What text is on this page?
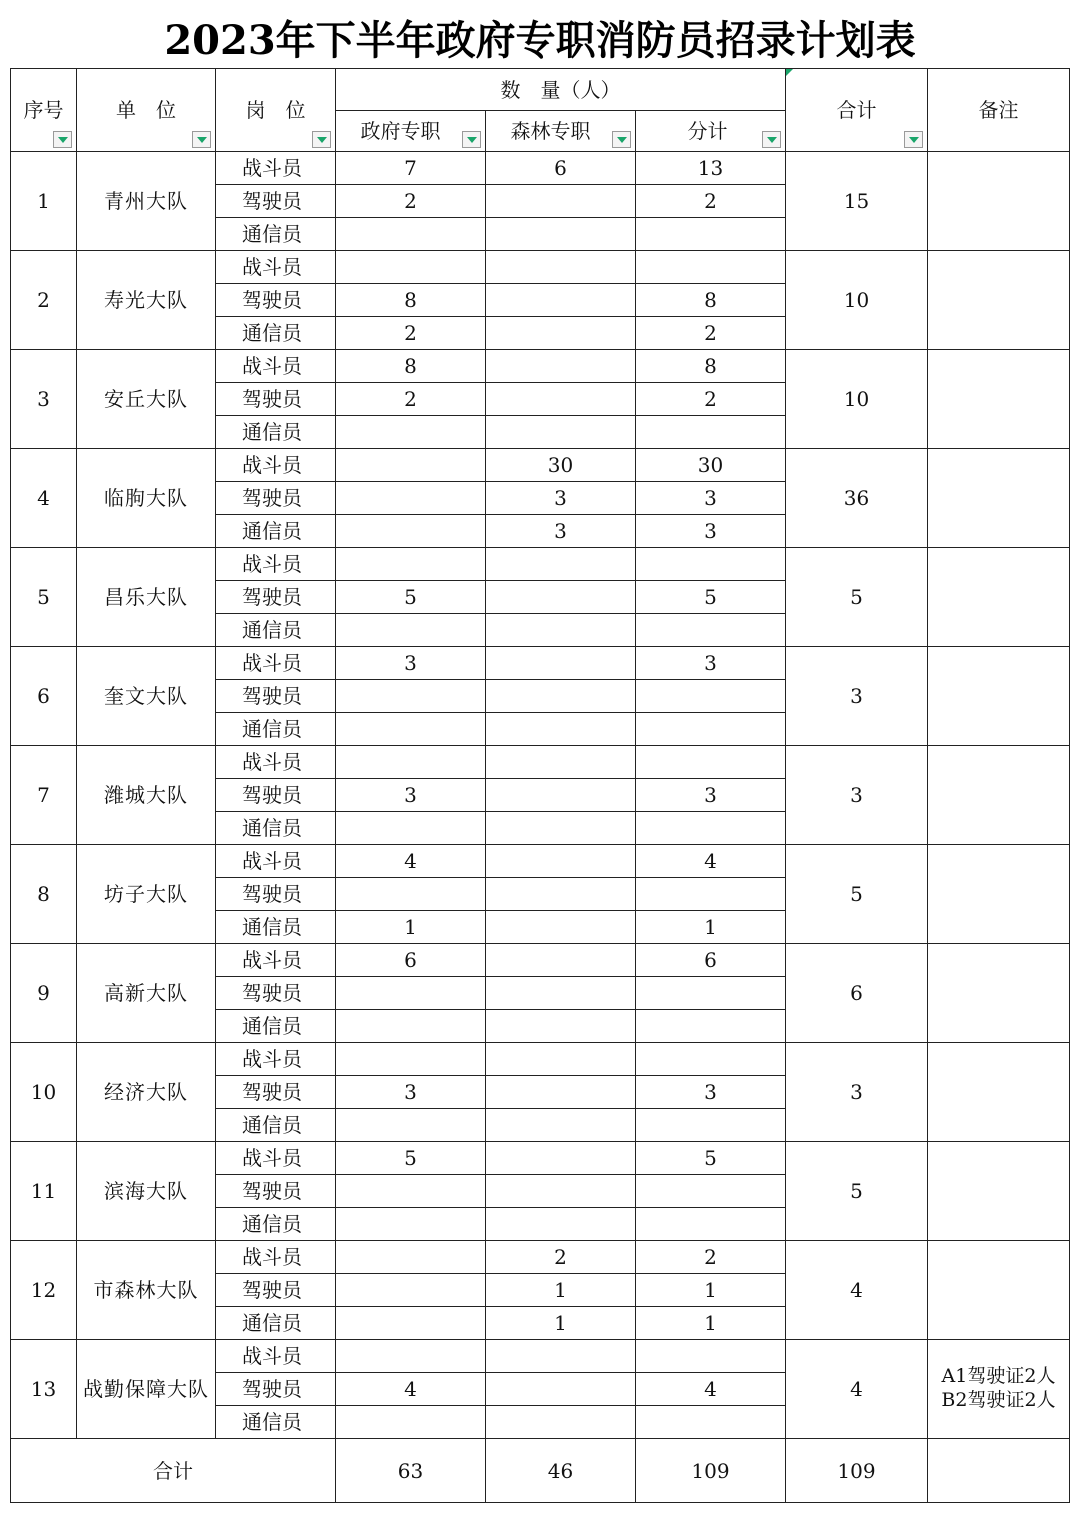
2023年下半年政府专职消防员招录计划表
序号	单　位	岗　位	数　量（人）			合计	备注

			政府专职	森林专职	分计		

1	青州大队	战斗员	7	6	13	15	
		驾驶员	2		2		
		通信员					
2	寿光大队	战斗员				10	
		驾驶员	8		8		
		通信员	2		2		
3	安丘大队	战斗员	8		8	10	
		驾驶员	2		2		
		通信员					
4	临朐大队	战斗员		30	30	36	
		驾驶员		3	3		
		通信员		3	3		
5	昌乐大队	战斗员				5	
		驾驶员	5		5		
		通信员					
6	奎文大队	战斗员	3		3	3	
		驾驶员					
		通信员					
7	潍城大队	战斗员				3	
		驾驶员	3		3		
		通信员					
8	坊子大队	战斗员	4		4	5	
		驾驶员					
		通信员	1		1		
9	高新大队	战斗员	6		6	6	
		驾驶员					
		通信员					
10	经济大队	战斗员				3	
		驾驶员	3		3		
		通信员					
11	滨海大队	战斗员	5		5	5	
		驾驶员					
		通信员					
12	市森林大队	战斗员		2	2	4	
		驾驶员		1	1		
		通信员		1	1		
13	战勤保障大队	战斗员				4	A1驾驶证2人
B2驾驶证2人

		驾驶员	4		4		
		通信员					
合计			63	46	109	109	
